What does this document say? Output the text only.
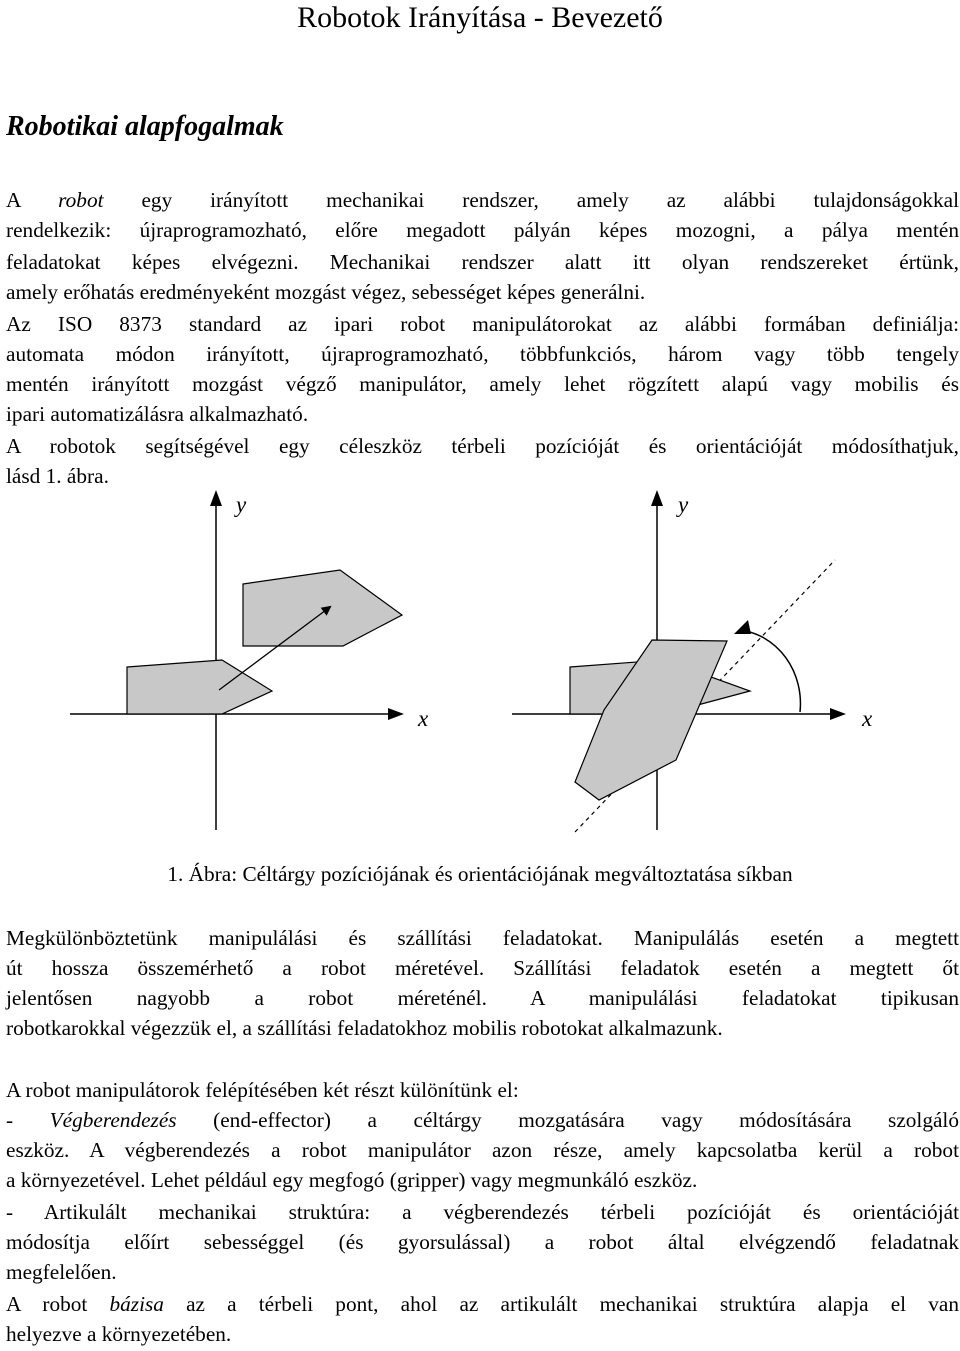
Robotok Irányítása - Bevezető
Robotikai alapfogalmak
A robot egy irányított mechanikai rendszer, amely az alábbi tulajdonságokkal
rendelkezik: újraprogramozható, előre megadott pályán képes mozogni, a pálya mentén
feladatokat képes elvégezni. Mechanikai rendszer alatt itt olyan rendszereket értünk,
amely erőhatás eredményeként mozgást végez, sebességet képes generálni.
Az ISO 8373 standard az ipari robot manipulátorokat az alábbi formában definiálja:
automata módon irányított, újraprogramozható, többfunkciós, három vagy több tengely
mentén irányított mozgást végző manipulátor, amely lehet rögzített alapú vagy mobilis és
ipari automatizálásra alkalmazható.
A robotok segítségével egy céleszköz térbeli pozícióját és orientációját módosíthatjuk,
lásd 1. ábra.
y
x
y
x
1. Ábra: Céltárgy pozíciójának és orientációjának megváltoztatása síkban
Megkülönböztetünk manipulálási és szállítási feladatokat. Manipulálás esetén a megtett
út hossza összemérhető a robot méretével. Szállítási feladatok esetén a megtett őt
jelentősen nagyobb a robot méreténél. A manipulálási feladatokat tipikusan
robotkarokkal végezzük el, a szállítási feladatokhoz mobilis robotokat alkalmazunk.
A robot manipulátorok felépítésében két részt különítünk el:
- Végberendezés (end-effector) a céltárgy mozgatására vagy módosítására szolgáló
eszköz. A végberendezés a robot manipulátor azon része, amely kapcsolatba kerül a robot
a környezetével. Lehet például egy megfogó (gripper) vagy megmunkáló eszköz.
- Artikulált mechanikai struktúra: a végberendezés térbeli pozícióját és orientációját
módosítja előírt sebességgel (és gyorsulással) a robot által elvégzendő feladatnak
megfelelően.
A robot bázisa az a térbeli pont, ahol az artikulált mechanikai struktúra alapja el van
helyezve a környezetében.
